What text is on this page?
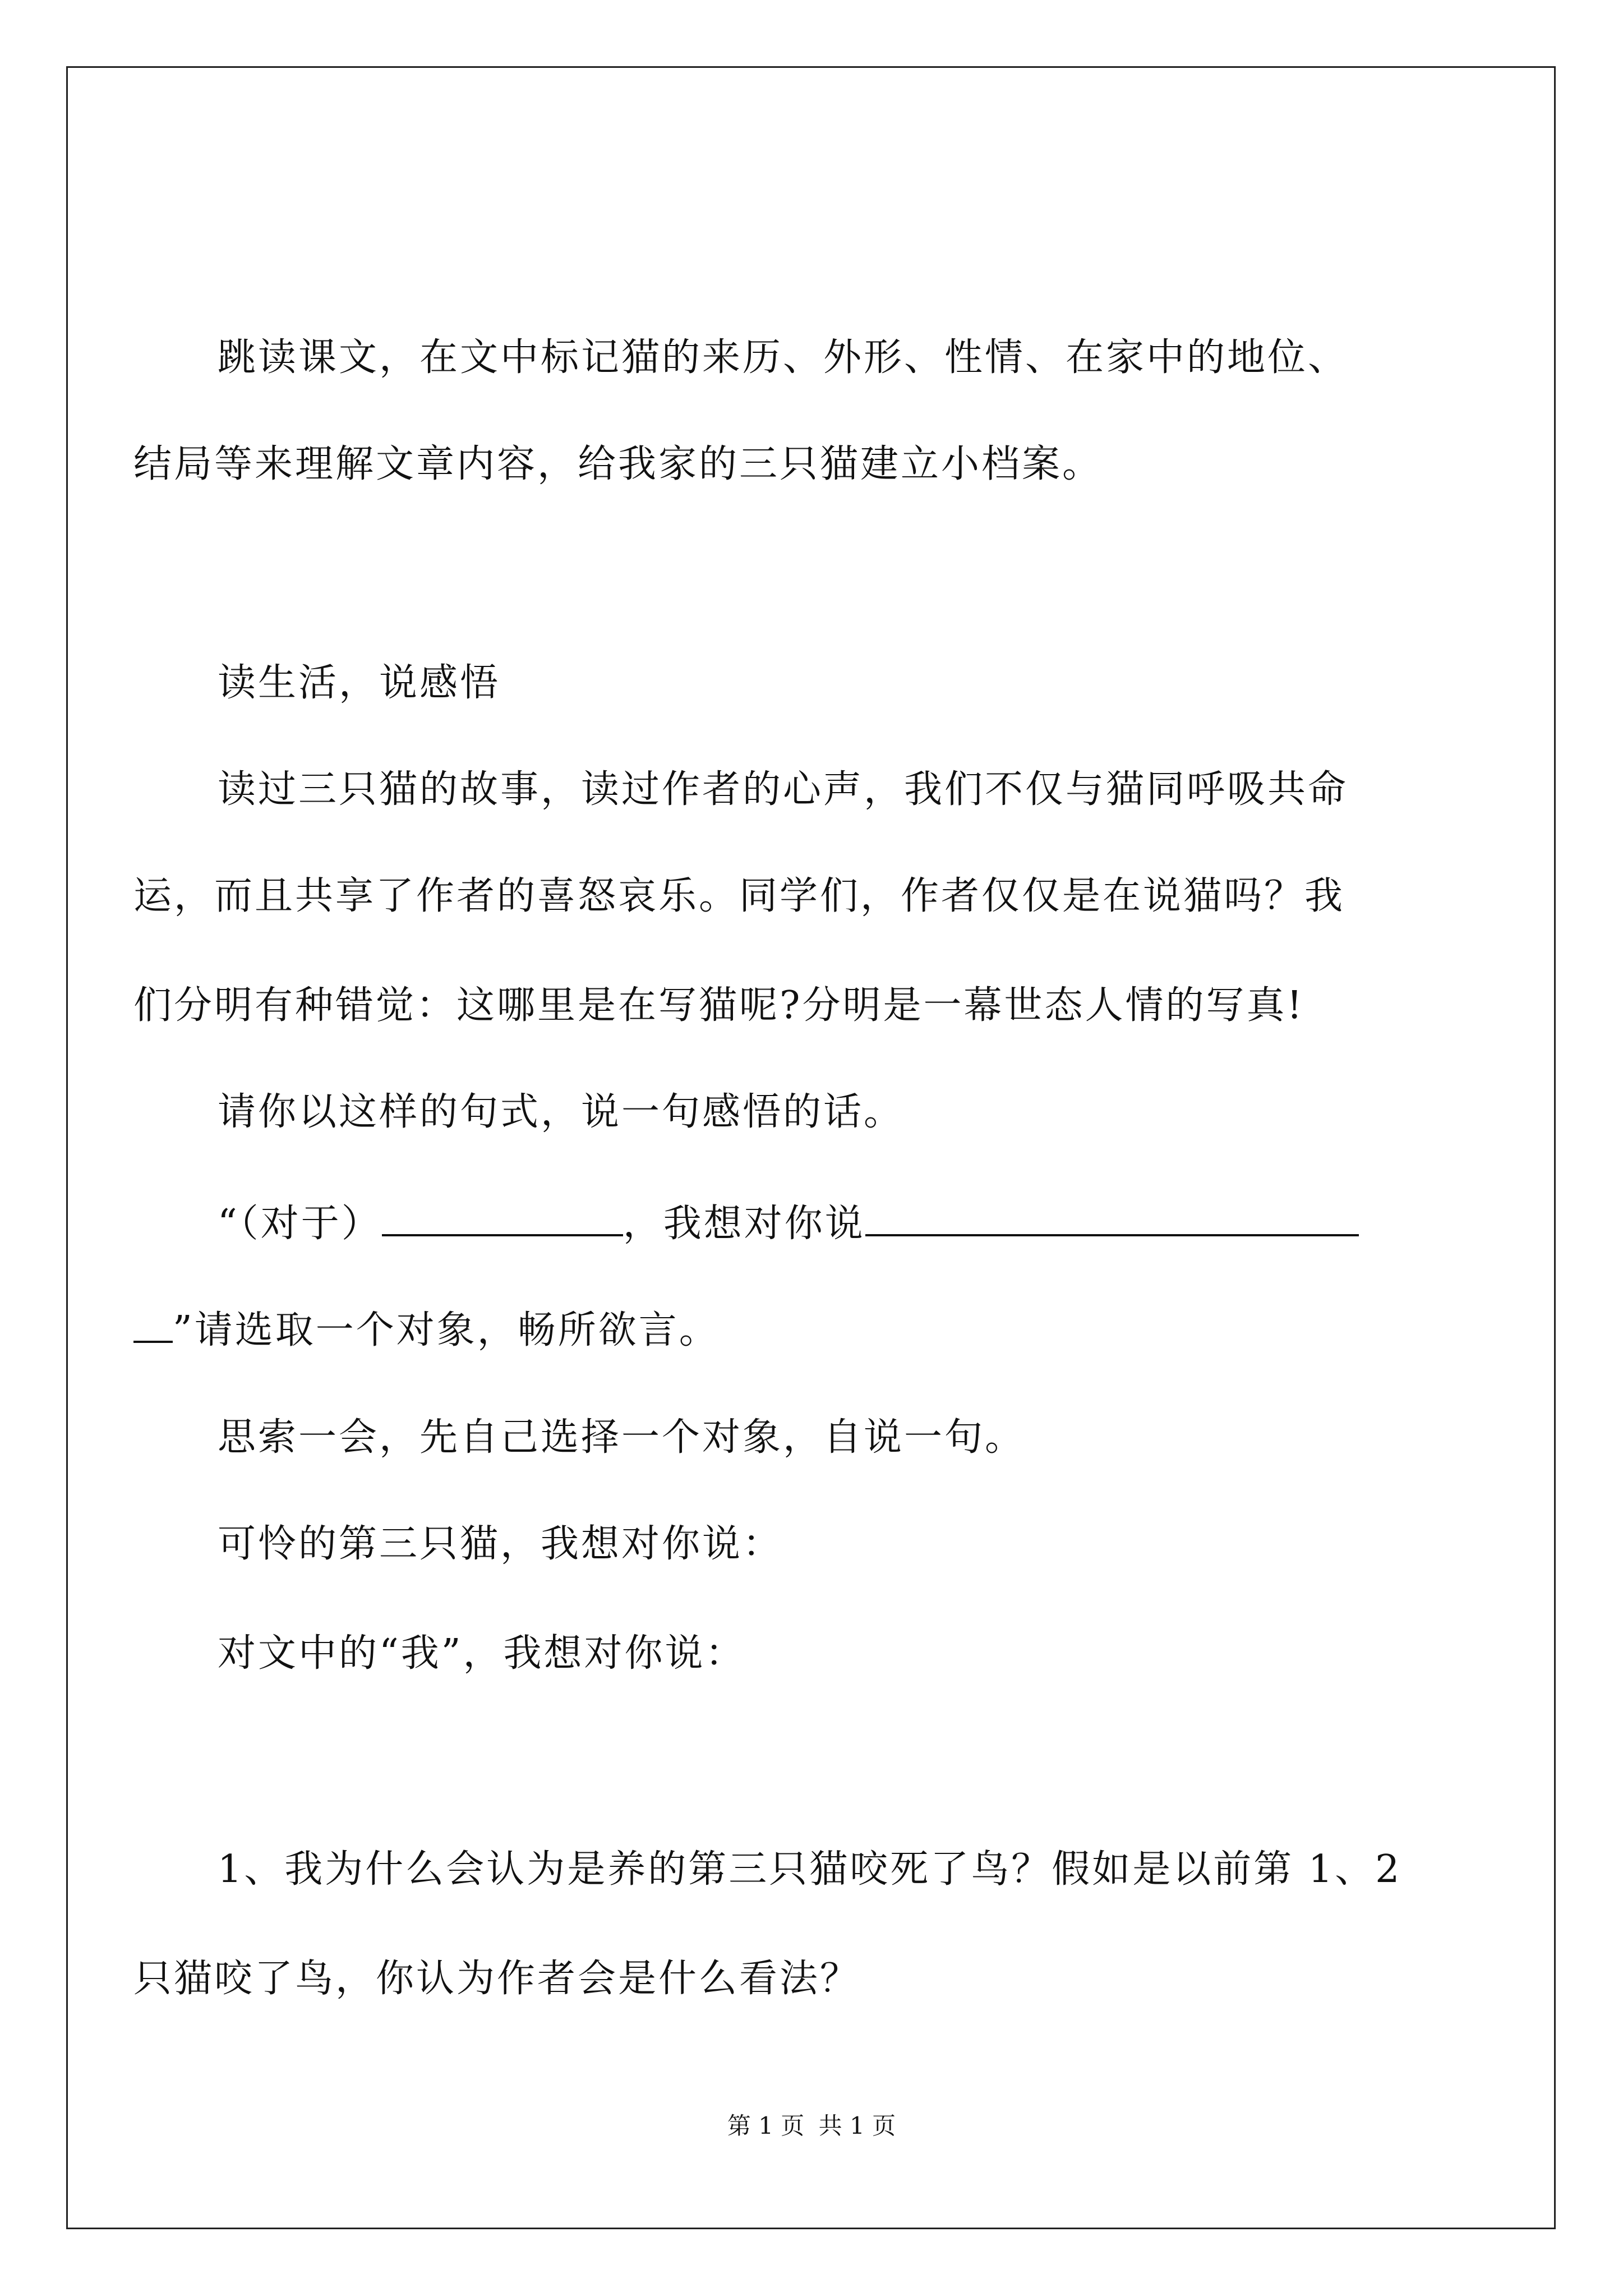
跳读课文，在文中标记猫的来历、外形、性情、在家中的地位、
结局等来理解文章内容，给我家的三只猫建立小档案。
读生活，说感悟
读过三只猫的故事，读过作者的心声，我们不仅与猫同呼吸共命
运，而且共享了作者的喜怒哀乐。同学们，作者仅仅是在说猫吗？我
们分明有种错觉：这哪里是在写猫呢?分明是一幕世态人情的写真!
请你以这样的句式，说一句感悟的话。
“（对于）	，我想对你说
”请选取一个对象，畅所欲言。
思索一会，先自己选择一个对象，自说一句。
可怜的第三只猫，我想对你说：
对文中的“我”，我想对你说：
1、我为什么会认为是养的第三只猫咬死了鸟？假如是以前第 1、2
只猫咬了鸟，你认为作者会是什么看法？
第 1 页 共 1 页
